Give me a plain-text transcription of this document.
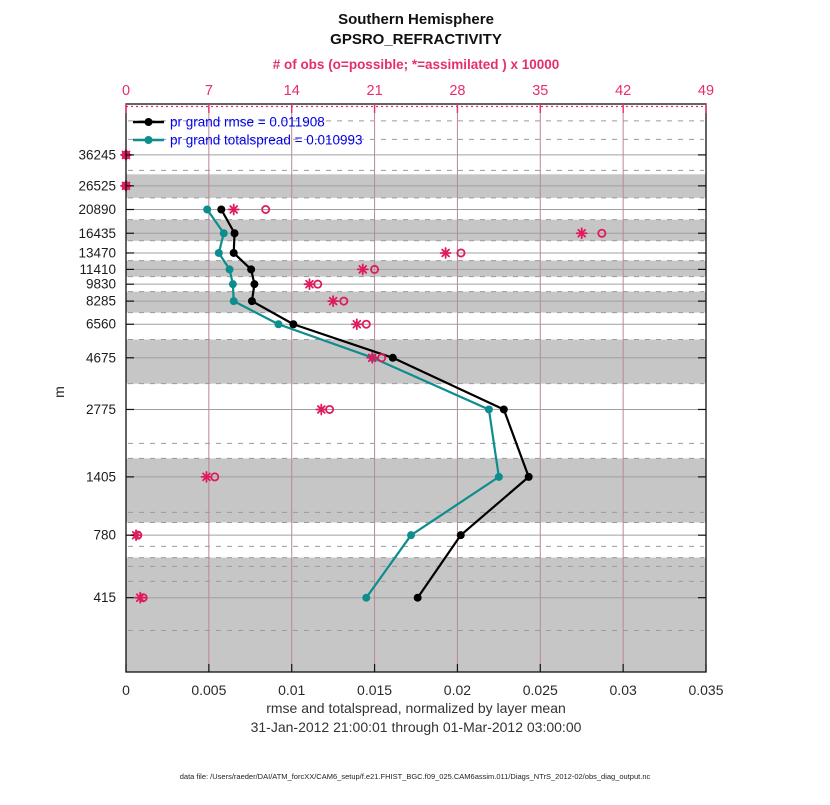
0	0.005	0.01	0.015	0.02	0.025	0.03	0.035
0	7	14	21	28	35	42	49
36245
26525
20890
16435
13470
11410
9830
8285
6560
4675
2775
1405
780
415
Southern Hemisphere
GPSRO_REFRACTIVITY
# of obs (o=possible; *=assimilated ) x 10000
m
rmse and totalspread, normalized by layer mean
31-Jan-2012 21:00:01 through 01-Mar-2012 03:00:00
pr grand rmse = 0.011908
pr grand totalspread = 0.010993
data file: /Users/raeder/DAI/ATM_forcXX/CAM6_setup/f.e21.FHIST_BGC.f09_025.CAM6assim.011/Diags_NTrS_2012-02/obs_diag_output.nc
